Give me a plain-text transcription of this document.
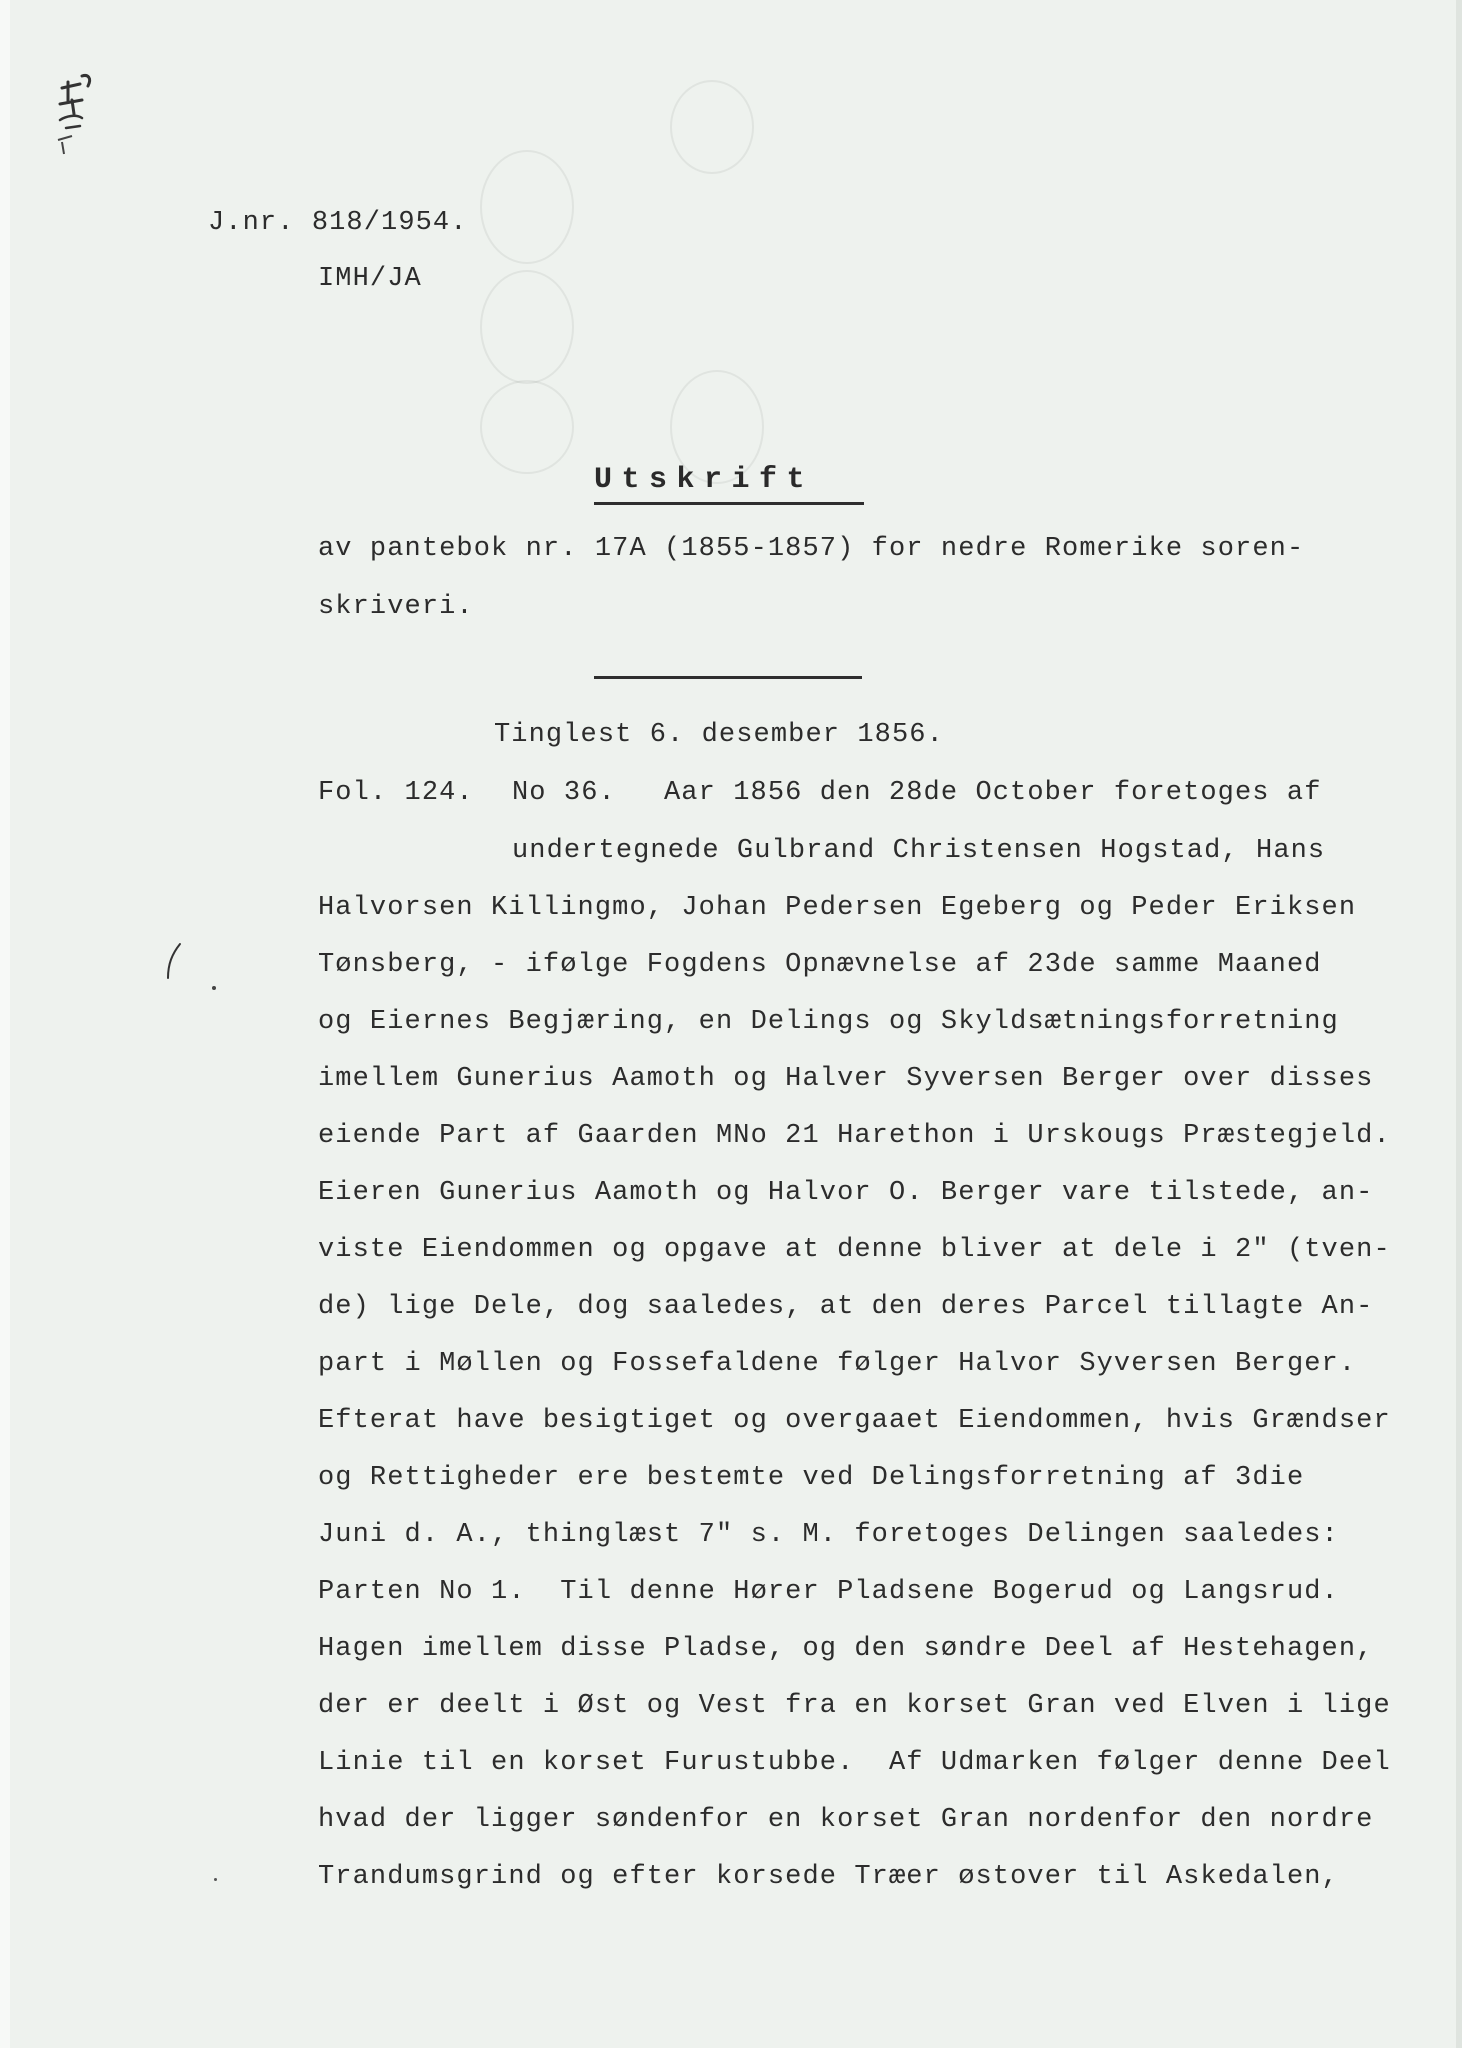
J.nr. 818/1954.
IMH/JA
Utskrift
av pantebok nr. 17A (1855-1857) for nedre Romerike soren-
skriveri.
Tinglest 6. desember 1856.
Fol. 124. No 36. Aar 1856 den 28de October foretoges af
undertegnede Gulbrand Christensen Hogstad, Hans
Halvorsen Killingmo, Johan Pedersen Egeberg og Peder Eriksen
Tønsberg, - ifølge Fogdens Opnævnelse af 23de samme Maaned
og Eiernes Begjæring, en Delings og Skyldsætningsforretning
imellem Gunerius Aamoth og Halver Syversen Berger over disses
eiende Part af Gaarden MNo 21 Harethon i Urskougs Præstegjeld.
Eieren Gunerius Aamoth og Halvor O. Berger vare tilstede, an-
viste Eiendommen og opgave at denne bliver at dele i 2" (tven-
de) lige Dele, dog saaledes, at den deres Parcel tillagte An-
part i Møllen og Fossefaldene følger Halvor Syversen Berger.
Efterat have besigtiget og overgaaet Eiendommen, hvis Grændser
og Rettigheder ere bestemte ved Delingsforretning af 3die
Juni d. A., thinglæst 7" s. M. foretoges Delingen saaledes:
Parten No 1.  Til denne Hører Pladsene Bogerud og Langsrud.
Hagen imellem disse Pladse, og den søndre Deel af Hestehagen,
der er deelt i Øst og Vest fra en korset Gran ved Elven i lige
Linie til en korset Furustubbe.  Af Udmarken følger denne Deel
hvad der ligger søndenfor en korset Gran nordenfor den nordre
Trandumsgrind og efter korsede Træer østover til Askedalen,
